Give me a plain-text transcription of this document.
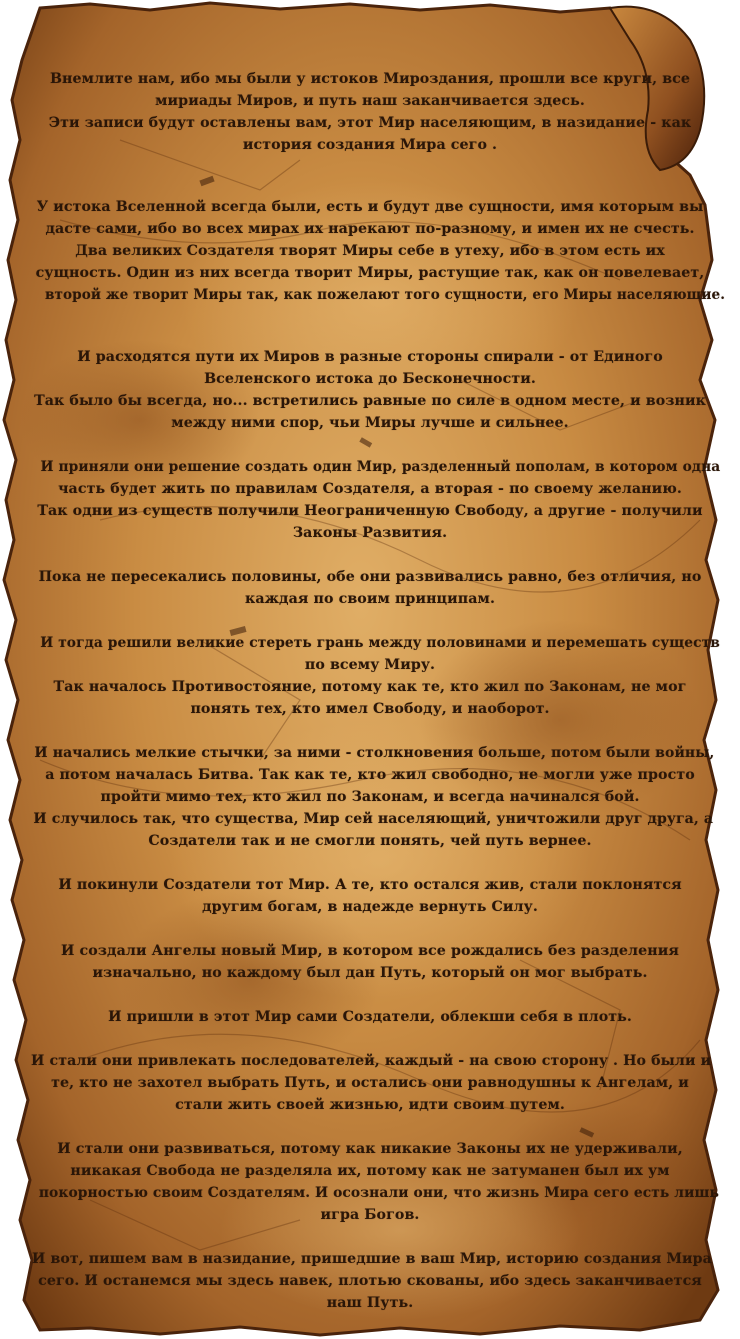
Внемлите нам, ибо мы были у истоков Мироздания, прошли все круги, все
мириады Миров, и путь наш заканчивается здесь.
Эти записи будут оставлены вам, этот Мир населяющим, в назидание - как
история создания Мира сего .
У истока Вселенной всегда были, есть и будут две сущности, имя которым вы
дасте сами, ибо во всех мирах их нарекают по-разному, и имен их не счесть.
Два великих Создателя творят Миры себе в утеху, ибо в этом есть их
сущность. Один из них всегда творит Миры, растущие так, как он повелевает,
второй же творит Миры так, как пожелают того сущности, его Миры населяющие.
И расходятся пути их Миров в разные стороны спирали - от Единого
Вселенского истока до Бесконечности.
Так было бы всегда, но... встретились равные по силе в одном месте, и возник
между ними спор, чьи Миры лучше и сильнее.
И приняли они решение создать один Мир, разделенный пополам, в котором одна
часть будет жить по правилам Создателя, а вторая - по своему желанию.
Так одни из существ получили Неограниченную Свободу, а другие - получили
Законы Развития.
Пока не пересекались половины, обе они развивались равно, без отличия, но
каждая по своим принципам.
И тогда решили великие стереть грань между половинами и перемешать существ
по всему Миру.
Так началось Противостояние, потому как те, кто жил по Законам, не мог
понять тех, кто имел Свободу, и наоборот.
И начались мелкие стычки, за ними - столкновения больше, потом были войны,
а потом началась Битва. Так как те, кто жил свободно, не могли уже просто
пройти мимо тех, кто жил по Законам, и всегда начинался бой.
И случилось так, что существа, Мир сей населяющий, уничтожили друг друга, а
Создатели так и не смогли понять, чей путь вернее.
И покинули Создатели тот Мир. А те, кто остался жив, стали поклонятся
другим богам, в надежде вернуть Силу.
И создали Ангелы новый Мир, в котором все рождались без разделения
изначально, но каждому был дан Путь, который он мог выбрать.
И пришли в этот Мир сами Создатели, облекши себя в плоть.
И стали они привлекать последователей, каждый - на свою сторону . Но были и
те, кто не захотел выбрать Путь, и остались они равнодушны к Ангелам, и
стали жить своей жизнью, идти своим путем.
И стали они развиваться, потому как никакие Законы их не удерживали,
никакая Свобода не разделяла их, потому как не затуманен был их ум
покорностью своим Создателям. И осознали они, что жизнь Мира сего есть лишь
игра Богов.
И вот, пишем вам в назидание, пришедшие в ваш Мир, историю создания Мира
сего. И останемся мы здесь навек, плотью скованы, ибо здесь заканчивается
наш Путь.
